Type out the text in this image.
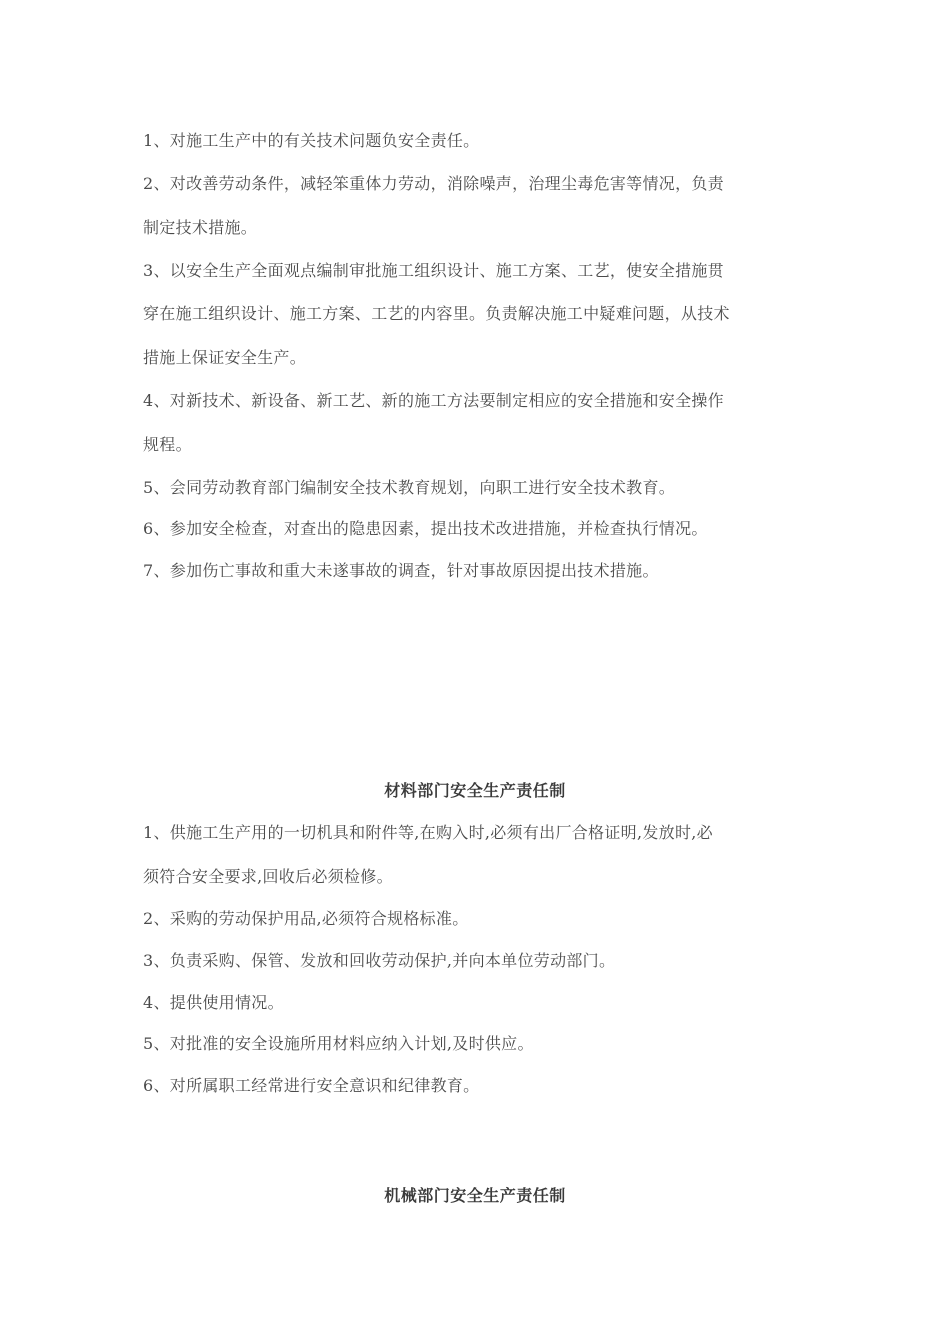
1、对施工生产中的有关技术问题负安全责任。

2、对改善劳动条件，减轻笨重体力劳动，消除噪声，治理尘毒危害等情况，负责

制定技术措施。

3、以安全生产全面观点编制审批施工组织设计、施工方案、工艺，使安全措施贯

穿在施工组织设计、施工方案、工艺的内容里。负责解决施工中疑难问题，从技术

措施上保证安全生产。

4、对新技术、新设备、新工艺、新的施工方法要制定相应的安全措施和安全操作

规程。

5、会同劳动教育部门编制安全技术教育规划，向职工进行安全技术教育。

6、参加安全检查，对查出的隐患因素，提出技术改进措施，并检查执行情况。

7、参加伤亡事故和重大未遂事故的调查，针对事故原因提出技术措施。

材料部门安全生产责任制

1、供施工生产用的一切机具和附件等,在购入时,必须有出厂合格证明,发放时,必

须符合安全要求,回收后必须检修。

2、采购的劳动保护用品,必须符合规格标准。

3、负责采购、保管、发放和回收劳动保护,并向本单位劳动部门。

4、提供使用情况。

5、对批准的安全设施所用材料应纳入计划,及时供应。

6、对所属职工经常进行安全意识和纪律教育。

机械部门安全生产责任制
